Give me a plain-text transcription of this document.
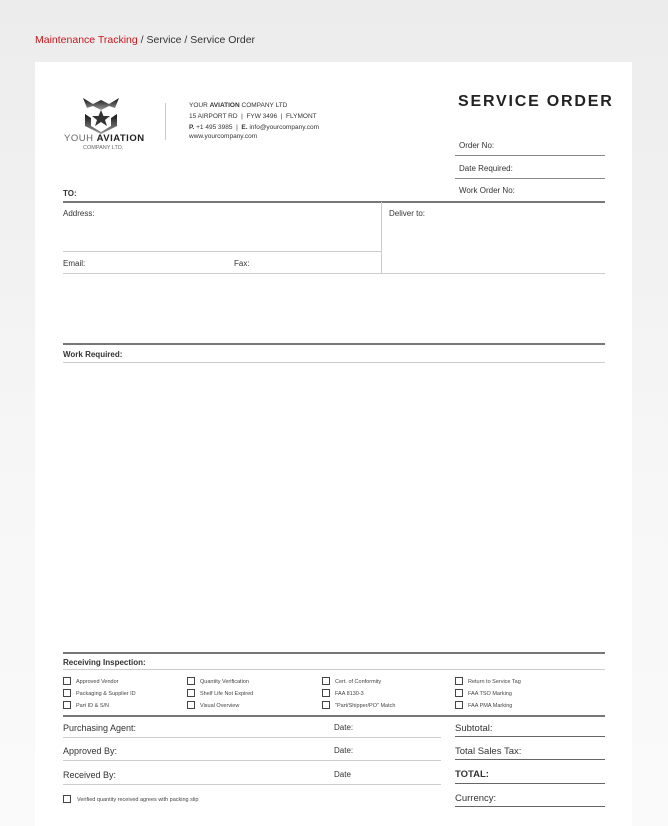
Maintenance Tracking / Service / Service Order
YOUH AVIATION
COMPANY LTD.
YOUR AVIATION COMPANY LTD
15 AIRPORT RD  |  FYW 3496  |  FLYMONT
P. +1 495 3985  |  E. info@yourcompany.com
www.yourcompany.com
SERVICE ORDER
Order No:
Date Required:
Work Order No:
TO:
Address:	Deliver to:
Email:	Fax:
Work Required:
Receiving Inspection:
Approved Vendor
Packaging & Supplier ID
Part ID & S/N
Quantity Verification
Shelf Life Not Expired
Visual Overview
Cert. of Conformity
FAA 8130-3
"Part/Shipper/PO" Match
Return to Service Tag
FAA TSO Marking
FAA PMA Marking
Purchasing Agent:	Date:	Subtotal:
Approved By:	Date:	Total Sales Tax:
Received By:	Date	TOTAL:
Verified quantity received agrees with packing slip	Currency:
